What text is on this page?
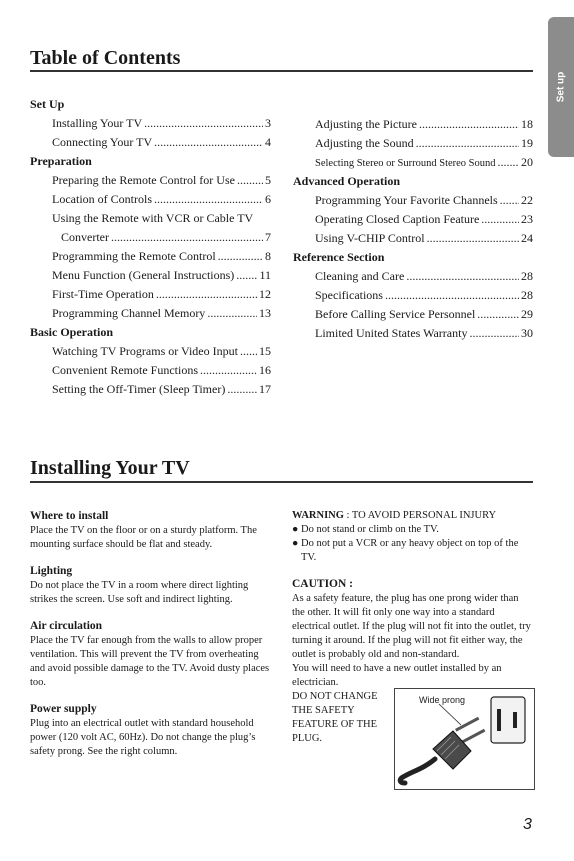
Set up
Table of Contents
Set Up
Installing Your TV .....	3
Connecting Your TV .....	4
Preparation
Preparing the Remote Control for Use .....	5
Location of Controls .....	6
Using the Remote with VCR or Cable TV
Converter .....	7
Programming the Remote Control .....	8
Menu Function (General Instructions) ..... 11
First-Time Operation .....	12
Programming Channel Memory .....	13
Basic Operation
Watching TV Programs or Video Input ..... 15
Convenient Remote Functions .....	16
Setting the Off-Timer (Sleep Timer) .....	17
Adjusting the Picture .....	18
Adjusting the Sound .....	19
Selecting Stereo or Surround Stereo Sound ..... 20
Advanced Operation
Programming Your Favorite Channels ..... 22
Operating Closed Caption Feature .....	23
Using V-CHIP Control .....	24
Reference Section
Cleaning and Care .....	28
Specifications .....	28
Before Calling Service Personnel .....	29
Limited United States Warranty .....	30
Installing Your TV

Where to install

Place the TV on the floor or on a sturdy platform. The mounting surface should be flat and steady.

Lighting

Do not place the TV in a room where direct lighting strikes the screen. Use soft and indirect lighting.

Air circulation

Place the TV far enough from the walls to allow proper ventilation. This will prevent the TV from overheating and avoid possible damage to the TV. Avoid dusty places too.

Power supply

Plug into an electrical outlet with standard household power (120 volt AC, 60Hz). Do not change the plug’s safety prong. See the right column.

WARNING : TO AVOID PERSONAL INJURY

● Do not stand or climb on the TV.
● Do not put a VCR or any heavy object on top of the TV.

CAUTION :

As a safety feature, the plug has one prong wider than the other. It will fit only one way into a standard electrical outlet. If the plug will not fit into the outlet, try turning it around. If the plug will not fit either way, the outlet is probably old and non-standard.

You will need to have a new outlet installed by an electrician.

DO NOT CHANGE THE SAFETY FEATURE OF THE PLUG.

Wide prong
3
